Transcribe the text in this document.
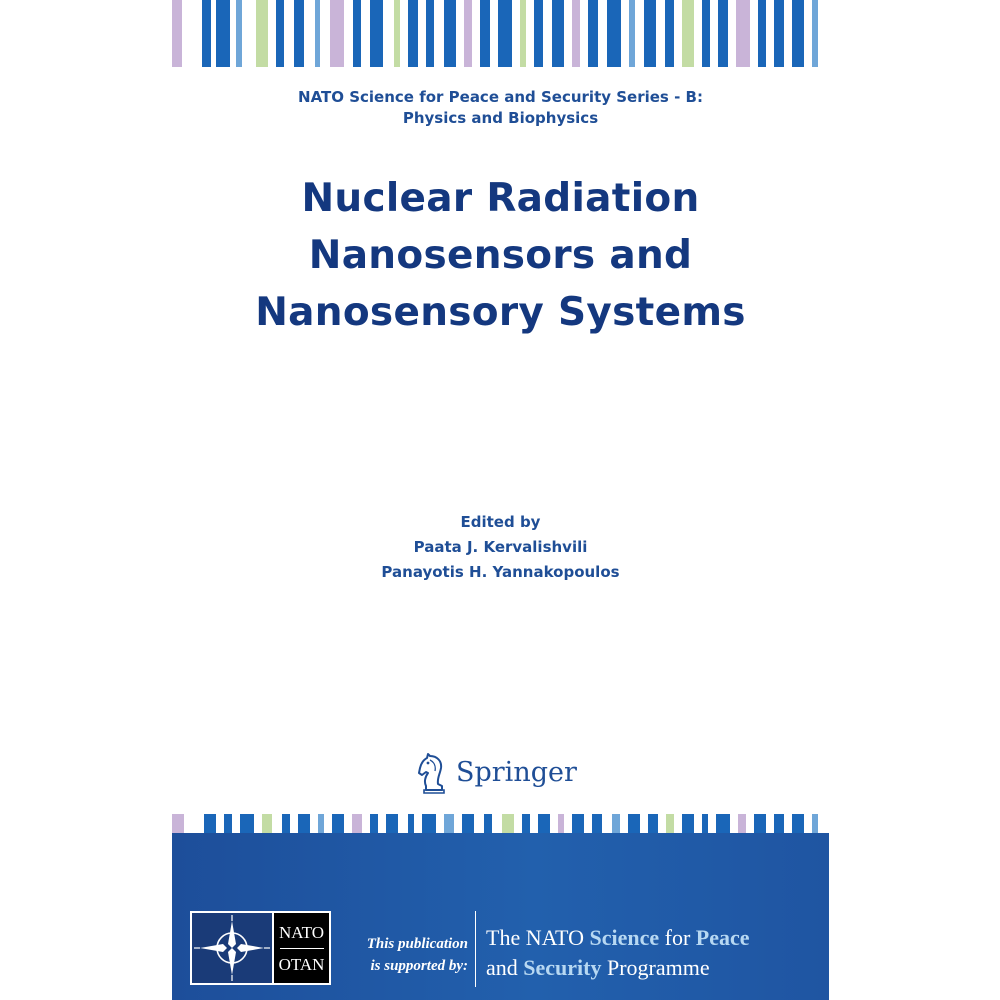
NATO Science for Peace and Security Series - B:
Physics and Biophysics
Nuclear Radiation
Nanosensors and
Nanosensory Systems
Edited by
Paata J. Kervalishvili
Panayotis H. Yannakopoulos
Springer
NATO
OTAN
This publication
is supported by:
The NATO Science for Peace
and Security Programme
